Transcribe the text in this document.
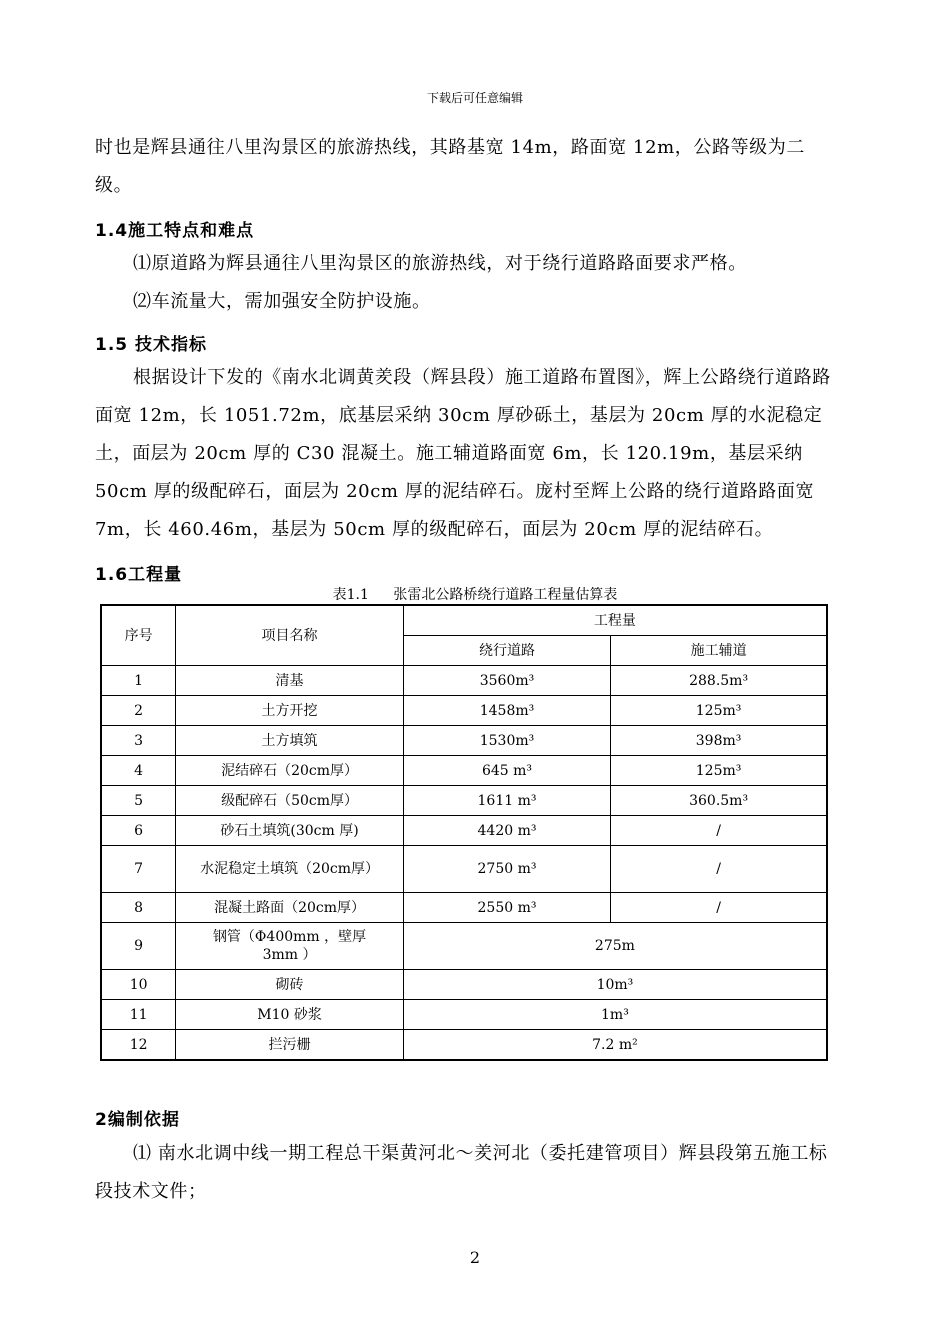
下载后可任意编辑
时也是辉县通往八里沟景区的旅游热线，其路基宽 14m，路面宽 12m，公路等级为二级。
1.4施工特点和难点
⑴原道路为辉县通往八里沟景区的旅游热线，对于绕行道路路面要求严格。
⑵车流量大，需加强安全防护设施。
1.5 技术指标
根据设计下发的《南水北调黄羑段（辉县段）施工道路布置图》，辉上公路绕行道路路面宽 12m，长 1051.72m，底基层采纳 30cm 厚砂砾土，基层为 20cm 厚的水泥稳定土，面层为 20cm 厚的 C30 混凝土。施工辅道路面宽 6m，长 120.19m，基层采纳 50cm 厚的级配碎石，面层为 20cm 厚的泥结碎石。庞村至辉上公路的绕行道路路面宽 7m，长 460.46m，基层为 50cm 厚的级配碎石，面层为 20cm 厚的泥结碎石。
1.6工程量
表1.1 张雷北公路桥绕行道路工程量估算表
序号	项目名称	工程量	
		绕行道路	施工辅道
1	清基	3560m³	288.5m³
2	土方开挖	1458m³	125m³
3	土方填筑	1530m³	398m³
4	泥结碎石（20cm厚）	645 m³	125m³
5	级配碎石（50cm厚）	1611 m³	360.5m³
6	砂石土填筑(30cm 厚)	4420 m³	/
7	水泥稳定土填筑（20cm厚）	2750 m³	/
8	混凝土路面（20cm厚）	2550 m³	/
9	钢管（Φ400mm ，壁厚3mm ）	275m	
10	砌砖	10m³	
11	M10 砂浆	1m³	
12	拦污栅	7.2 m²	
2编制依据
⑴ 南水北调中线一期工程总干渠黄河北～羑河北（委托建管项目）辉县段第五施工标段技术文件；
2
